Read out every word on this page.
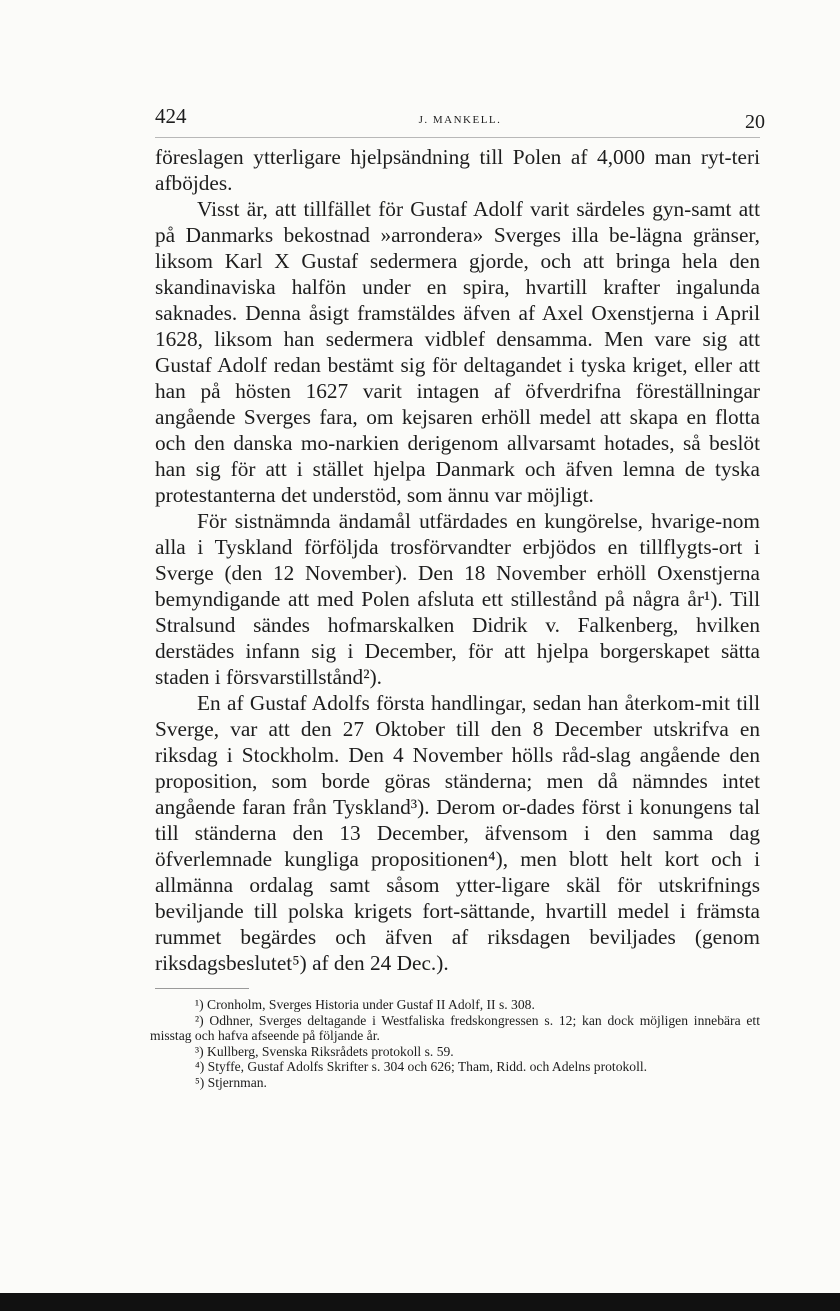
424	J. MANKELL.	20

föreslagen ytterligare hjelpsändning till Polen af 4,000 man ryt-teri afböjdes.

Visst är, att tillfället för Gustaf Adolf varit särdeles gyn-samt att på Danmarks bekostnad »arrondera» Sverges illa be-lägna gränser, liksom Karl X Gustaf sedermera gjorde, och att bringa hela den skandinaviska halfön under en spira, hvartill krafter ingalunda saknades. Denna åsigt framstäldes äfven af Axel Oxenstjerna i April 1628, liksom han sedermera vidblef densamma. Men vare sig att Gustaf Adolf redan bestämt sig för deltagandet i tyska kriget, eller att han på hösten 1627 varit intagen af öfverdrifna föreställningar angående Sverges fara, om kejsaren erhöll medel att skapa en flotta och den danska mo-narkien derigenom allvarsamt hotades, så beslöt han sig för att i stället hjelpa Danmark och äfven lemna de tyska protestanterna det understöd, som ännu var möjligt.

För sistnämnda ändamål utfärdades en kungörelse, hvarige-nom alla i Tyskland förföljda trosförvandter erbjödos en tillflygts-ort i Sverge (den 12 November). Den 18 November erhöll Oxenstjerna bemyndigande att med Polen afsluta ett stillestånd på några år¹). Till Stralsund sändes hofmarskalken Didrik v. Falkenberg, hvilken derstädes infann sig i December, för att hjelpa borgerskapet sätta staden i försvarstillstånd²).

En af Gustaf Adolfs första handlingar, sedan han återkom-mit till Sverge, var att den 27 Oktober till den 8 December utskrifva en riksdag i Stockholm. Den 4 November hölls råd-slag angående den proposition, som borde göras ständerna; men då nämndes intet angående faran från Tyskland³). Derom or-dades först i konungens tal till ständerna den 13 December, äfvensom i den samma dag öfverlemnade kungliga propositionen⁴), men blott helt kort och i allmänna ordalag samt såsom ytter-ligare skäl för utskrifnings beviljande till polska krigets fort-sättande, hvartill medel i främsta rummet begärdes och äfven af riksdagen beviljades (genom riksdagsbeslutet⁵) af den 24 Dec.).

¹) Cronholm, Sverges Historia under Gustaf II Adolf, II s. 308.

²) Odhner, Sverges deltagande i Westfaliska fredskongressen s. 12; kan dock möjligen innebära ett misstag och hafva afseende på följande år.

³) Kullberg, Svenska Riksrådets protokoll s. 59.

⁴) Styffe, Gustaf Adolfs Skrifter s. 304 och 626; Tham, Ridd. och Adelns protokoll.

⁵) Stjernman.
